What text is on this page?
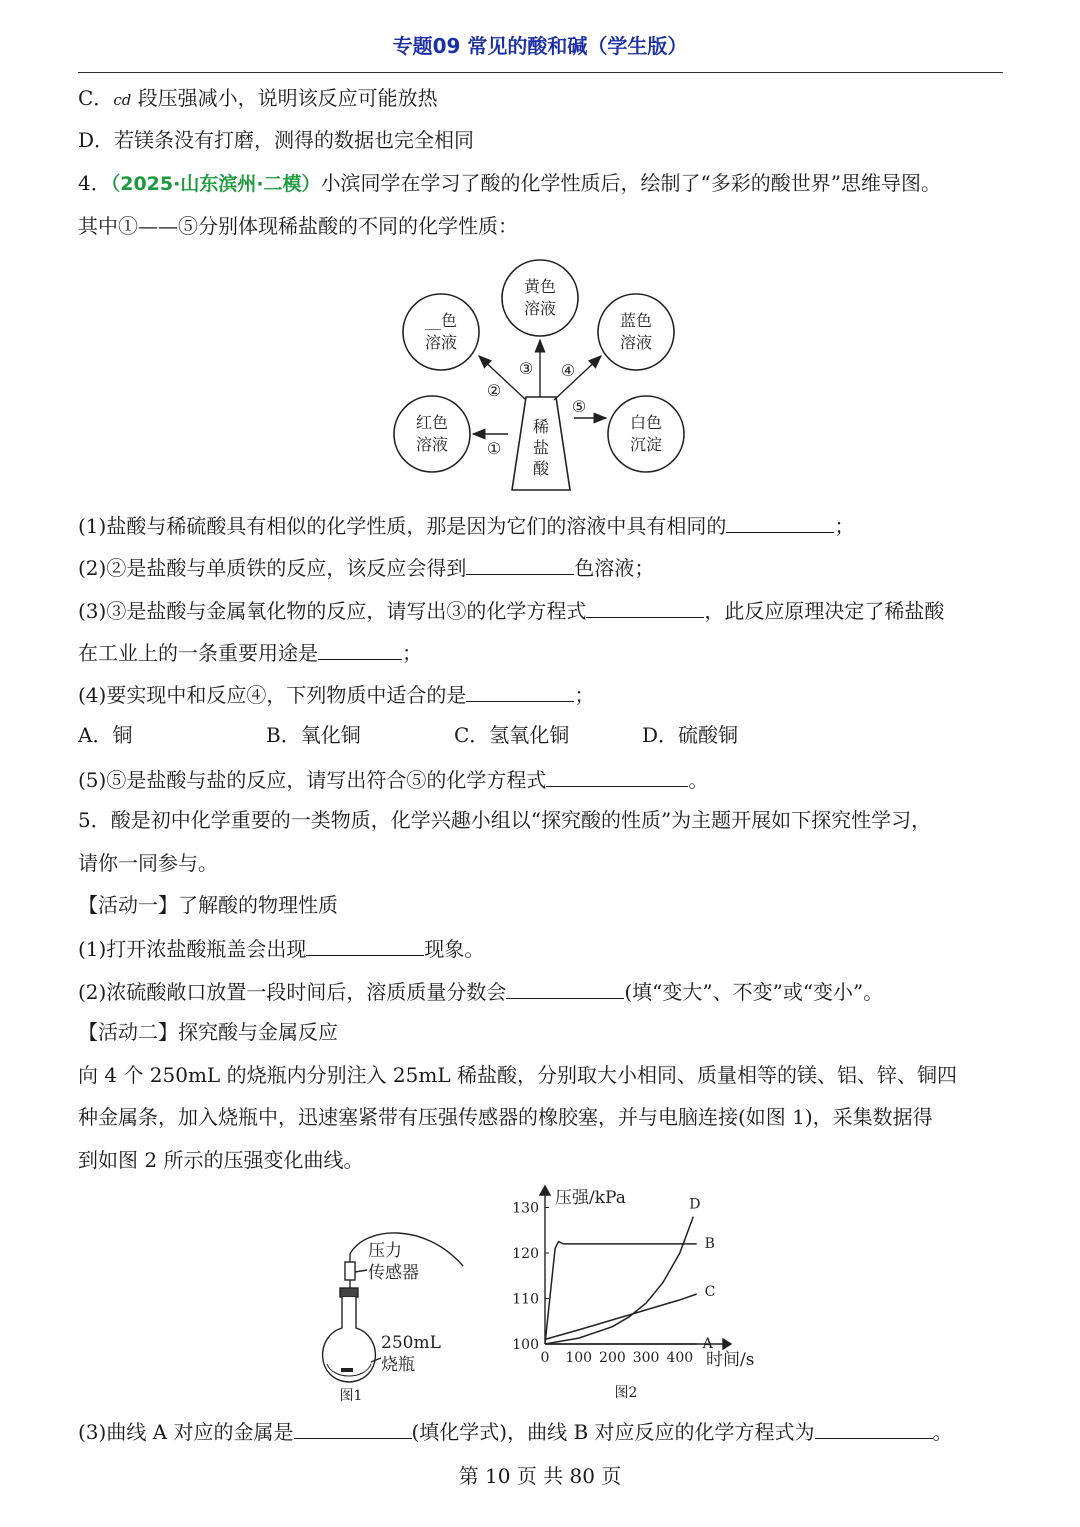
专题09 常见的酸和碱（学生版）
C．cd 段压强减小，说明该反应可能放热
D．若镁条没有打磨，测得的数据也完全相同
4．（2025·山东滨州·二模）小滨同学在学习了酸的化学性质后，绘制了“多彩的酸世界”思维导图。
其中①——⑤分别体现稀盐酸的不同的化学性质：
稀
盐
酸
黄色
溶液
__色
溶液
蓝色
溶液
红色
溶液
白色
沉淀
①
②
③ ④
⑤
(1)盐酸与稀硫酸具有相似的化学性质，那是因为它们的溶液中具有相同的	；
(2)②是盐酸与单质铁的反应，该反应会得到	色溶液；
(3)③是盐酸与金属氧化物的反应，请写出③的化学方程式	，此反应原理决定了稀盐酸
在工业上的一条重要用途是	；
(4)要实现中和反应④，下列物质中适合的是	；
A．铜	B．氧化铜	C．氢氧化铜	D．硫酸铜
(5)⑤是盐酸与盐的反应，请写出符合⑤的化学方程式	。
5．酸是初中化学重要的一类物质，化学兴趣小组以“探究酸的性质”为主题开展如下探究性学习，
请你一同参与。
【活动一】了解酸的物理性质
(1)打开浓盐酸瓶盖会出现	现象。
(2)浓硫酸敞口放置一段时间后，溶质质量分数会	(填“变大”、不变”或“变小”。
【活动二】探究酸与金属反应
向 4 个 250mL 的烧瓶内分别注入 25mL 稀盐酸，分别取大小相同、质量相等的镁、铝、锌、铜四
种金属条，加入烧瓶中，迅速塞紧带有压强传感器的橡胶塞，并与电脑连接(如图 1)，采集数据得
到如图 2 所示的压强变化曲线。
压力
传感器
250mL
烧瓶
图1
100
110
120
130
0 100 200 300 400
A
B
C
D
压强/kPa
时间/s
图2
(3)曲线 A 对应的金属是	(填化学式)，曲线 B 对应反应的化学方程式为	。
第 10 页 共 80 页
